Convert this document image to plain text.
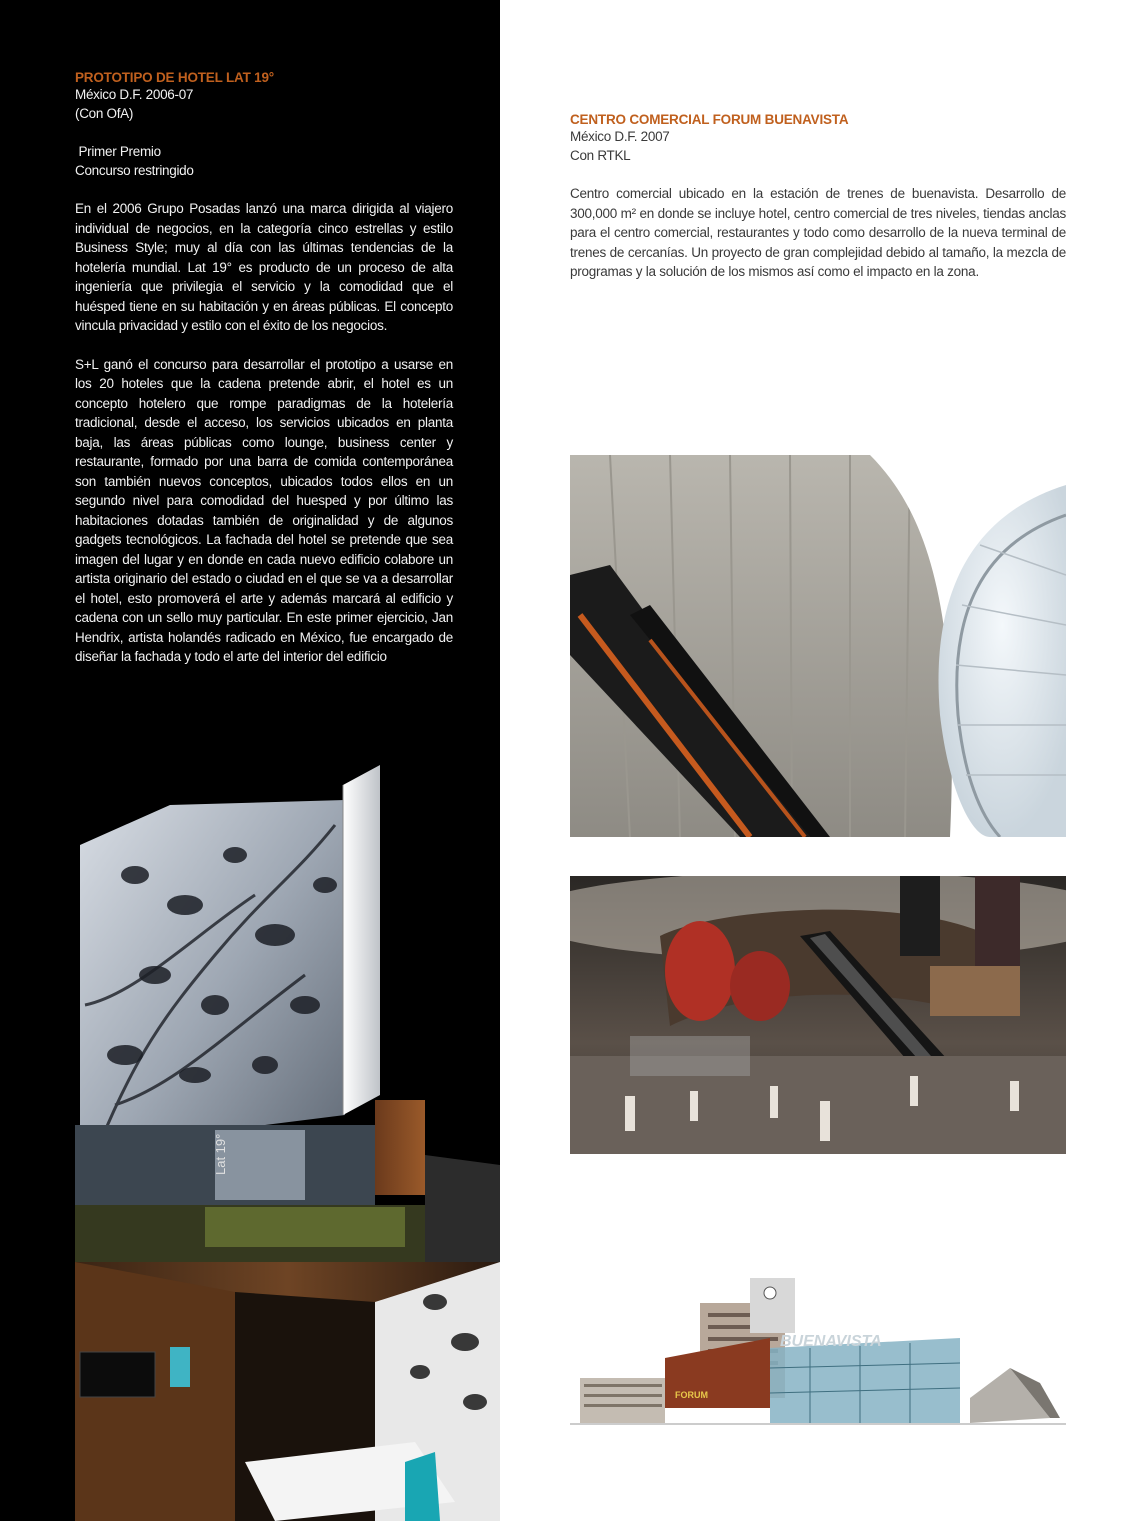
PROTOTIPO DE HOTEL LAT 19°
México D.F. 2006-07
(Con OfA)
Primer Premio
Concurso restringido

En el 2006 Grupo Posadas lanzó una marca dirigida al viajero individual de negocios, en la categoría cinco estrellas y estilo Business Style; muy al día con las últimas tendencias de la hotelería mundial. Lat 19° es producto de un proceso de alta ingeniería que privilegia el servicio y la comodidad que el huésped tiene en su habitación y en áreas públicas. El concepto vincula privacidad y estilo con el éxito de los negocios.

S+L ganó el concurso para desarrollar el prototipo a usarse en los 20 hoteles que la cadena pretende abrir, el hotel es un concepto hotelero que rompe paradigmas de la hotelería tradicional, desde el acceso, los servicios ubicados en planta baja, las áreas públicas como lounge, business center y restaurante, formado por una barra de comida contemporánea son también nuevos conceptos, ubicados todos ellos en un segundo nivel para comodidad del huesped y por último las habitaciones dotadas también de originalidad y de algunos gadgets tecnológicos. La fachada del hotel se pretende que sea imagen del lugar y en donde en cada nuevo edificio colabore un artista originario del estado o ciudad en el que se va a desarrollar el hotel, esto promoverá el arte y además marcará al edificio y cadena con un sello muy particular. En este primer ejercicio, Jan Hendrix, artista holandés radicado en México, fue encargado de diseñar la fachada y todo el arte del interior del edificio

Lat 19°
CENTRO COMERCIAL FORUM BUENAVISTA
México D.F. 2007
Con RTKL

Centro comercial ubicado en la estación de trenes de buenavista. Desarrollo de 300,000 m² en donde se incluye hotel, centro comercial de tres niveles, tiendas anclas para el centro comercial, restaurantes y todo como desarrollo de la nueva terminal de trenes de cercanías. Un proyecto de gran complejidad debido al tamaño, la mezcla de programas y la solución de los mismos así como el impacto en la zona.

BUENAVISTA
FORUM
